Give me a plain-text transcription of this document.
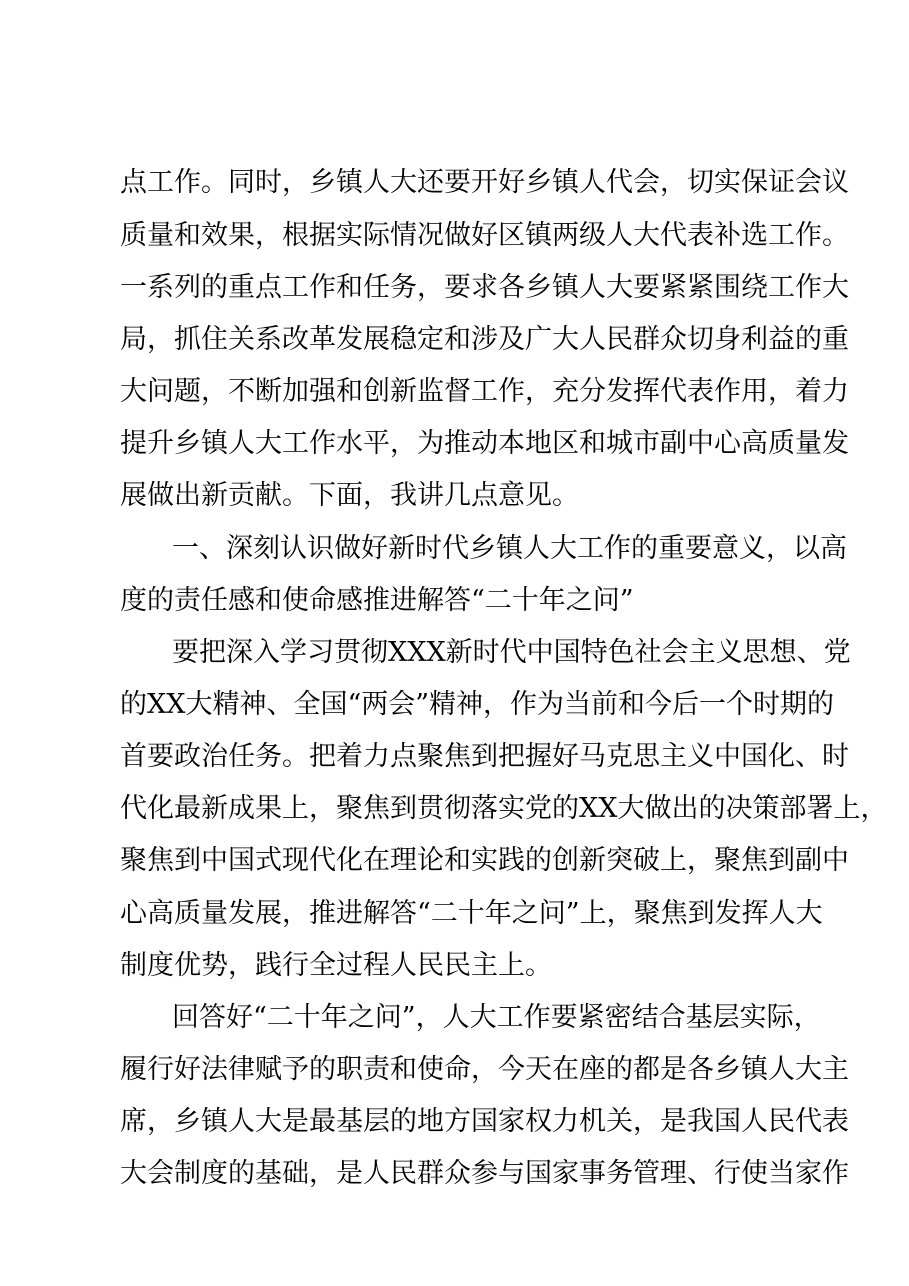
点工作。同时，乡镇人大还要开好乡镇人代会，切实保证会议
质量和效果，根据实际情况做好区镇两级人大代表补选工作。
一系列的重点工作和任务，要求各乡镇人大要紧紧围绕工作大
局，抓住关系改革发展稳定和涉及广大人民群众切身利益的重
大问题，不断加强和创新监督工作，充分发挥代表作用，着力
提升乡镇人大工作水平，为推动本地区和城市副中心高质量发
展做出新贡献。下面，我讲几点意见。
一、深刻认识做好新时代乡镇人大工作的重要意义，以高
度的责任感和使命感推进解答“二十年之问”
要把深入学习贯彻XXX新时代中国特色社会主义思想、党
的XX大精神、全国“两会”精神，作为当前和今后一个时期的
首要政治任务。把着力点聚焦到把握好马克思主义中国化、时
代化最新成果上，聚焦到贯彻落实党的XX大做出的决策部署上，
聚焦到中国式现代化在理论和实践的创新突破上，聚焦到副中
心高质量发展，推进解答“二十年之问”上，聚焦到发挥人大
制度优势，践行全过程人民民主上。
回答好“二十年之问”，人大工作要紧密结合基层实际，
履行好法律赋予的职责和使命，今天在座的都是各乡镇人大主
席，乡镇人大是最基层的地方国家权力机关，是我国人民代表
大会制度的基础，是人民群众参与国家事务管理、行使当家作
